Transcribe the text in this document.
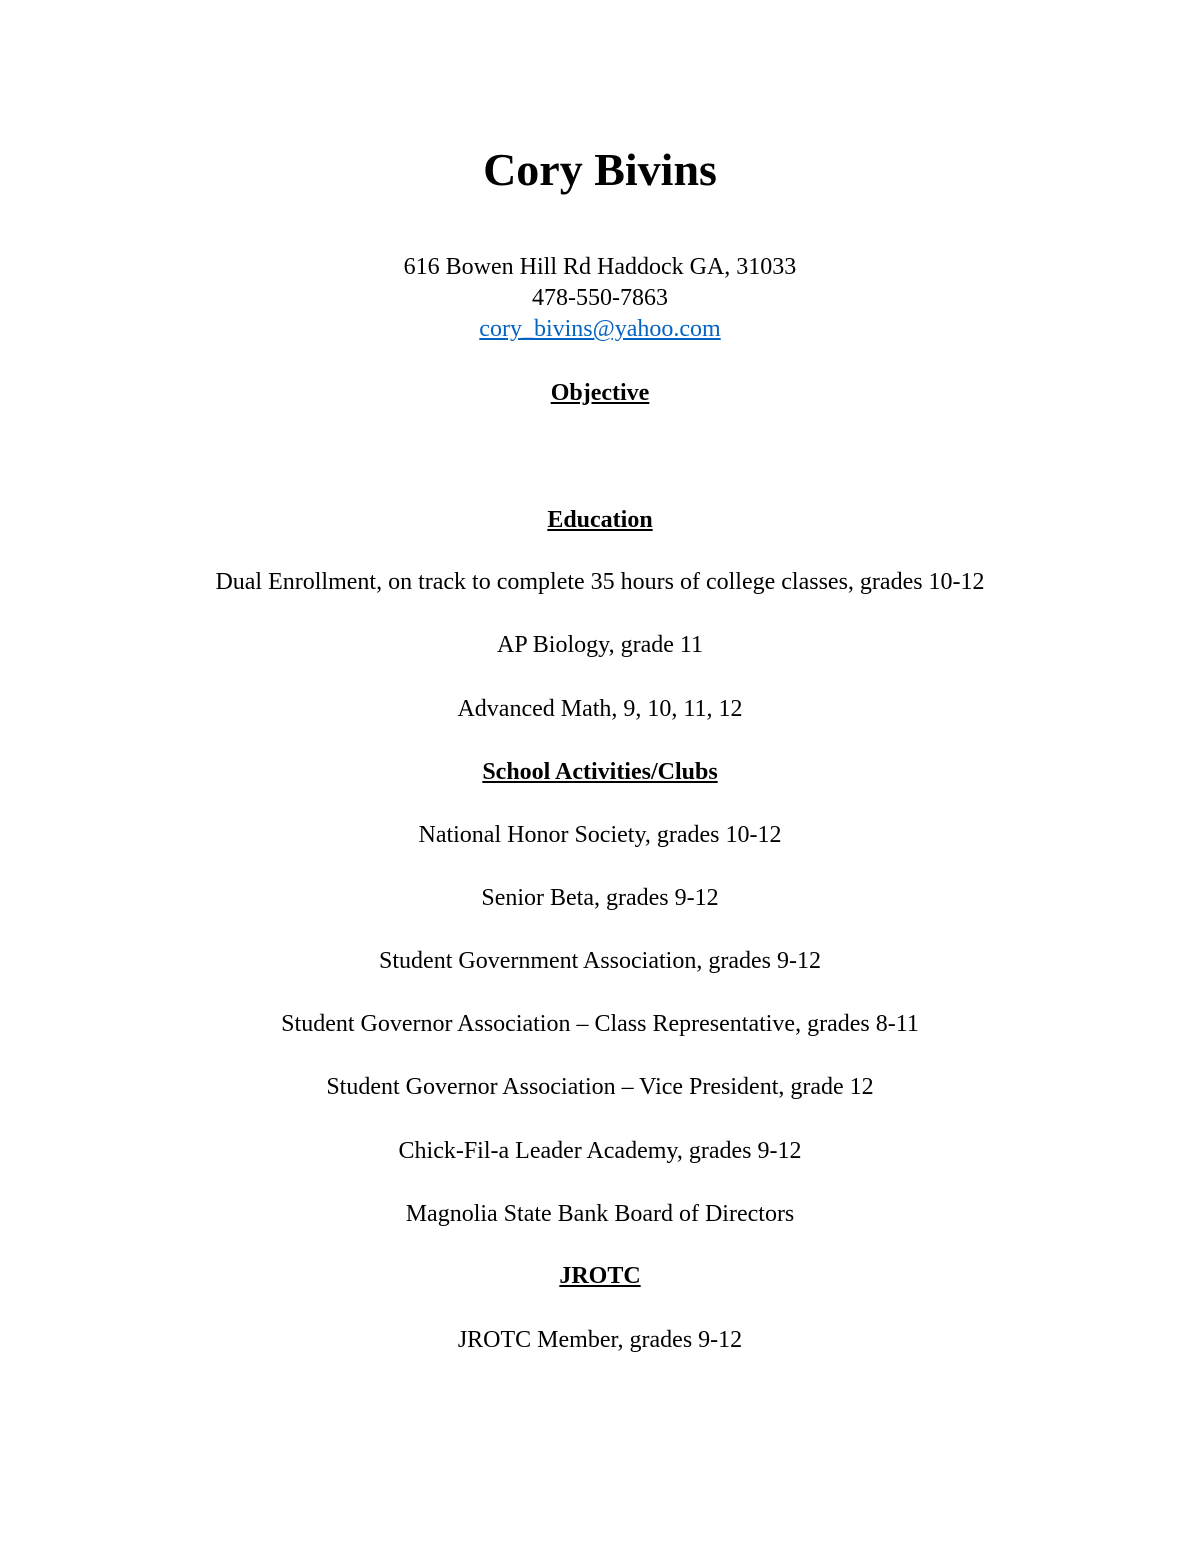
Cory Bivins
616 Bowen Hill Rd Haddock GA, 31033
478-550-7863
cory_bivins@yahoo.com
Objective
Education
Dual Enrollment, on track to complete 35 hours of college classes, grades 10-12
AP Biology, grade 11
Advanced Math, 9, 10, 11, 12
School Activities/Clubs
National Honor Society, grades 10-12
Senior Beta, grades 9-12
Student Government Association, grades 9-12
Student Governor Association – Class Representative, grades 8-11
Student Governor Association – Vice President, grade 12
Chick-Fil-a Leader Academy, grades 9-12
Magnolia State Bank Board of Directors
JROTC
JROTC Member, grades 9-12
